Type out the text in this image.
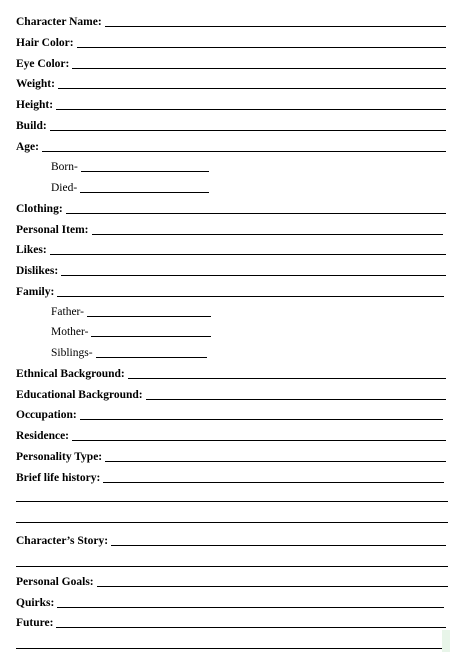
Character Name:
Hair Color:
Eye Color:
Weight:
Height:
Build:
Age:
Born-
Died-
Clothing:
Personal Item:
Likes:
Dislikes:
Family:
Father-
Mother-
Siblings-
Ethnical Background:
Educational Background:
Occupation:
Residence:
Personality Type:
Brief life history:
Character’s Story:
Personal Goals:
Quirks:
Future:
